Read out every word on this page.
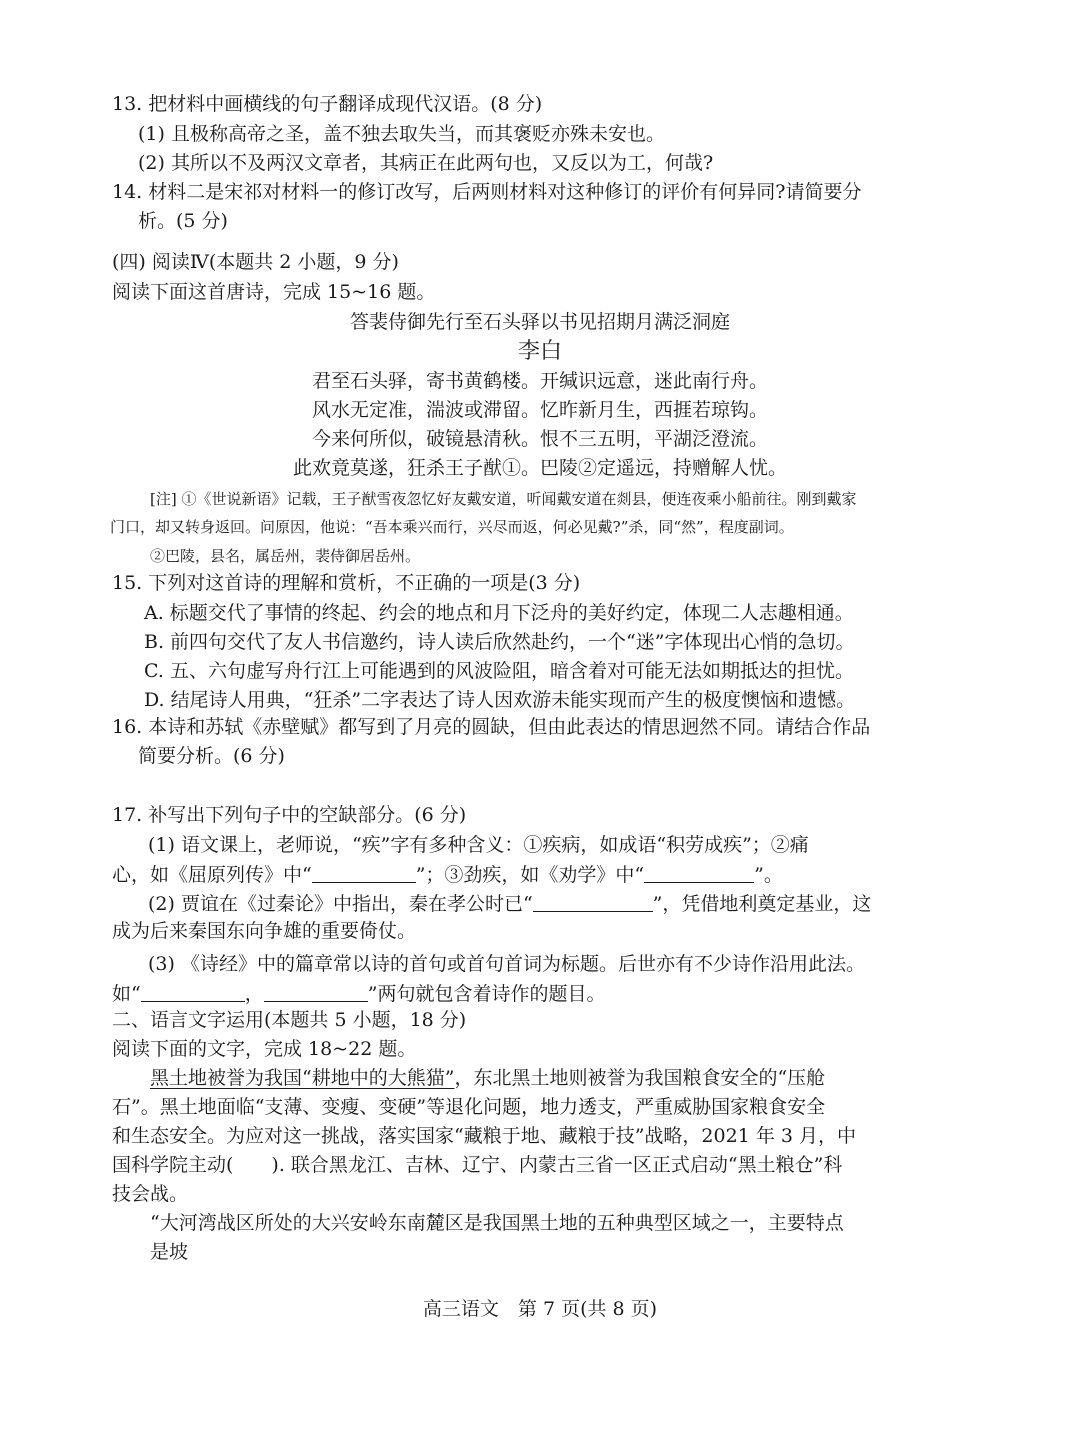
13. 把材料中画横线的句子翻译成现代汉语。(8 分)
(1) 且极称高帝之圣，盖不独去取失当，而其褒贬亦殊未安也。
(2) 其所以不及两汉文章者，其病正在此两句也，又反以为工，何哉?
14. 材料二是宋祁对材料一的修订改写，后两则材料对这种修订的评价有何异同?请简要分
析。(5 分)
(四) 阅读Ⅳ(本题共 2 小题，9 分)
阅读下面这首唐诗，完成 15~16 题。
答裴侍御先行至石头驿以书见招期月满泛洞庭
李白
君至石头驿，寄书黄鹤楼。开缄识远意，迷此南行舟。
风水无定准，湍波或滞留。忆昨新月生，西捱若琼钩。
今来何所似，破镜悬清秋。恨不三五明，平湖泛澄流。
此欢竟莫遂，狂杀王子猷①。巴陵②定遥远，持赠解人忧。
[注] ①《世说新语》记载，王子猷雪夜忽忆好友戴安道，听闻戴安道在剡县，便连夜乘小船前往。刚到戴家
门口，却又转身返回。问原因，他说：“吾本乘兴而行，兴尽而返，何必见戴?”杀，同“然”，程度副词。
②巴陵，县名，属岳州，裴侍御居岳州。
15. 下列对这首诗的理解和赏析，不正确的一项是(3 分)
A. 标题交代了事情的终起、约会的地点和月下泛舟的美好约定，体现二人志趣相通。
B. 前四句交代了友人书信邀约，诗人读后欣然赴约，一个“迷”字体现出心悄的急切。
C. 五、六句虚写舟行江上可能遇到的风波险阻，暗含着对可能无法如期抵达的担忧。
D. 结尾诗人用典，“狂杀”二字表达了诗人因欢游未能实现而产生的极度懊恼和遗憾。
16. 本诗和苏轼《赤壁赋》都写到了月亮的圆缺，但由此表达的情思迥然不同。请结合作品
简要分析。(6 分)
17. 补写出下列句子中的空缺部分。(6 分)
(1) 语文课上，老师说，“疾”字有多种含义：①疾病，如成语“积劳成疾”；②痛
心，如《屈原列传》中“	”；③劲疾，如《劝学》中“	”。
(2) 贾谊在《过秦论》中指出，秦在孝公时已“	”，凭借地利奠定基业，这
成为后来秦国东向争雄的重要倚仗。
(3) 《诗经》中的篇章常以诗的首句或首句首词为标题。后世亦有不少诗作沿用此法。
如“	，	”两句就包含着诗作的题目。
二、语言文字运用(本题共 5 小题，18 分)
阅读下面的文字，完成 18~22 题。
黑土地被誉为我国“耕地中的大熊猫”，东北黑土地则被誉为我国粮食安全的“压舱
石”。黑土地面临“支薄、变瘦、变硬”等退化问题，地力透支，严重威胁国家粮食安全
和生态安全。为应对这一挑战，落实国家“藏粮于地、藏粮于技”战略，2021 年 3 月，中
国科学院主动(　　). 联合黑龙江、吉林、辽宁、内蒙古三省一区正式启动“黑土粮仓”科
技会战。
“大河湾战区所处的大兴安岭东南麓区是我国黑土地的五种典型区域之一，主要特点
是坡
高三语文　第 7 页(共 8 页)
